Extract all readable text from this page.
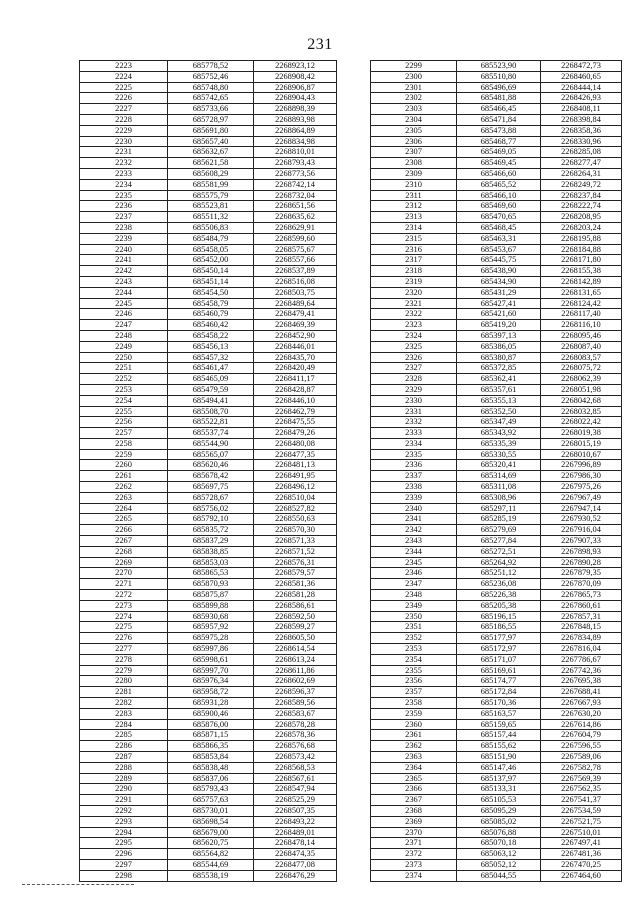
231
2223	685778,52	2268923,12
2224	685752,46	2268908,42
2225	685748,80	2268906,87
2226	685742,65	2268904,43
2227	685733,66	2268898,39
2228	685728,97	2268893,98
2229	685691,80	2268864,89
2230	685657,40	2268834,98
2231	685632,67	2268810,01
2232	685621,58	2268793,43
2233	685608,29	2268773,56
2234	685581,99	2268742,14
2235	685575,79	2268732,04
2236	685523,81	2268651,56
2237	685511,32	2268635,62
2238	685506,83	2268629,91
2239	685484,79	2268599,60
2240	685458,05	2268575,67
2241	685452,00	2268557,66
2242	685450,14	2268537,89
2243	685451,14	2268516,08
2244	685454,50	2268503,75
2245	685458,79	2268489,64
2246	685460,79	2268479,41
2247	685460,42	2268469,39
2248	685458,22	2268452,90
2249	685456,13	2268446,01
2250	685457,32	2268435,70
2251	685461,47	2268420,49
2252	685465,09	2268411,17
2253	685479,59	2268428,87
2254	685494,41	2268446,10
2255	685508,70	2268462,79
2256	685522,81	2268475,55
2257	685537,74	2268479,26
2258	685544,90	2268480,08
2259	685565,07	2268477,35
2260	685620,46	2268481,13
2261	685678,42	2268491,95
2262	685697,75	2268496,12
2263	685728,67	2268510,04
2264	685756,02	2268527,82
2265	685792,10	2268550,63
2266	685835,72	2268570,30
2267	685837,29	2268571,33
2268	685838,85	2268571,52
2269	685853,03	2268576,31
2270	685865,53	2268579,57
2271	685870,93	2268581,36
2272	685875,87	2268581,28
2273	685899,88	2268586,61
2274	685930,68	2268592,50
2275	685957,92	2268599,27
2276	685975,28	2268605,50
2277	685997,86	2268614,54
2278	685998,61	2268613,24
2279	685997,70	2268611,86
2280	685976,34	2268602,69
2281	685958,72	2268596,37
2282	685931,28	2268589,56
2283	685900,46	2268583,67
2284	685876,00	2268578,28
2285	685871,15	2268578,36
2286	685866,35	2268576,68
2287	685853,84	2268573,42
2288	685838,48	2268568,53
2289	685837,06	2268567,61
2290	685793,43	2268547,94
2291	685757,63	2268525,29
2292	685730,01	2268507,35
2293	685698,54	2268493,22
2294	685679,00	2268489,01
2295	685620,75	2268478,14
2296	685564,82	2268474,35
2297	685544,69	2268477,08
2298	685538,19	2268476,29
2299	685523,90	2268472,73
2300	685510,80	2268460,65
2301	685496,69	2268444,14
2302	685481,88	2268426,93
2303	685466,45	2268408,11
2304	685471,84	2268398,84
2305	685473,88	2268358,36
2306	685468,77	2268330,96
2307	685469,05	2268285,08
2308	685469,45	2268277,47
2309	685466,60	2268264,31
2310	685465,52	2268249,72
2311	685466,10	2268237,84
2312	685469,60	2268222,74
2313	685470,65	2268208,95
2314	685468,45	2268203,24
2315	685463,31	2268195,88
2316	685453,67	2268184,88
2317	685445,75	2268171,80
2318	685438,90	2268155,38
2319	685434,90	2268142,89
2320	685431,29	2268131,65
2321	685427,41	2268124,42
2322	685421,60	2268117,40
2323	685419,20	2268116,10
2324	685397,13	2268095,46
2325	685386,05	2268087,40
2326	685380,87	2268083,57
2327	685372,85	2268075,72
2328	685362,41	2268062,39
2329	685357,61	2268051,98
2330	685355,13	2268042,68
2331	685352,50	2268032,85
2332	685347,49	2268022,42
2333	685343,92	2268019,38
2334	685335,39	2268015,19
2335	685330,55	2268010,67
2336	685320,41	2267996,89
2337	685314,69	2267986,30
2338	685311,08	2267975,26
2339	685308,96	2267967,49
2340	685297,11	2267947,14
2341	685285,19	2267930,52
2342	685279,69	2267916,04
2343	685277,84	2267907,33
2344	685272,51	2267898,93
2345	685264,92	2267890,28
2346	685251,12	2267879,35
2347	685236,08	2267870,09
2348	685226,38	2267865,73
2349	685205,38	2267860,61
2350	685196,15	2267857,31
2351	685186,55	2267848,15
2352	685177,97	2267834,89
2353	685172,97	2267816,04
2354	685171,07	2267786,67
2355	685169,61	2267742,36
2356	685174,77	2267695,38
2357	685172,84	2267688,41
2358	685170,36	2267667,93
2359	685163,57	2267630,20
2360	685159,65	2267614,86
2361	685157,44	2267604,79
2362	685155,62	2267596,55
2363	685151,90	2267589,06
2364	685147,46	2267582,78
2365	685137,97	2267569,39
2366	685133,31	2267562,35
2367	685105,53	2267541,37
2368	685095,29	2267534,59
2369	685085,02	2267521,75
2370	685076,88	2267510,01
2371	685070,18	2267497,41
2372	685063,12	2267481,36
2373	685052,12	2267470,25
2374	685044,55	2267464,60
